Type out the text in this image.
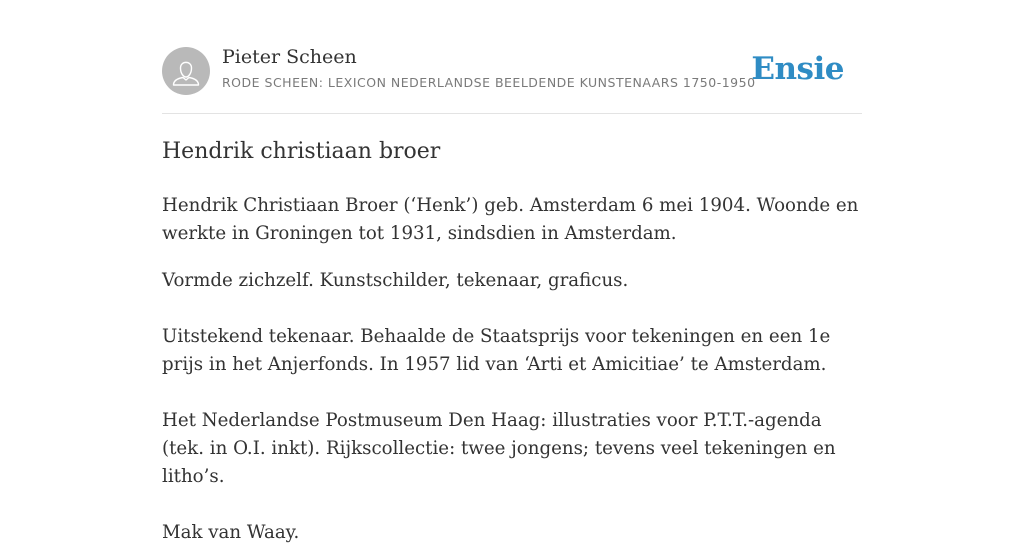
Pieter Scheen
RODE SCHEEN: LEXICON NEDERLANDSE BEELDENDE KUNSTENAARS 1750-1950
Ensie
Hendrik christiaan broer

Hendrik Christiaan Broer (‘Henk’) geb. Amsterdam 6 mei 1904. Woonde en werkte in Groningen tot 1931, sindsdien in Amsterdam.

Vormde zichzelf. Kunstschilder, tekenaar, graficus.

Uitstekend tekenaar. Behaalde de Staatsprijs voor tekeningen en een 1e prijs in het Anjerfonds. In 1957 lid van ‘Arti et Amicitiae’ te Amsterdam.

Het Nederlandse Postmuseum Den Haag: illustraties voor P.T.T.-agenda (tek. in O.I. inkt). Rijkscollectie: twee jongens; tevens veel tekeningen en litho’s.

Mak van Waay.
